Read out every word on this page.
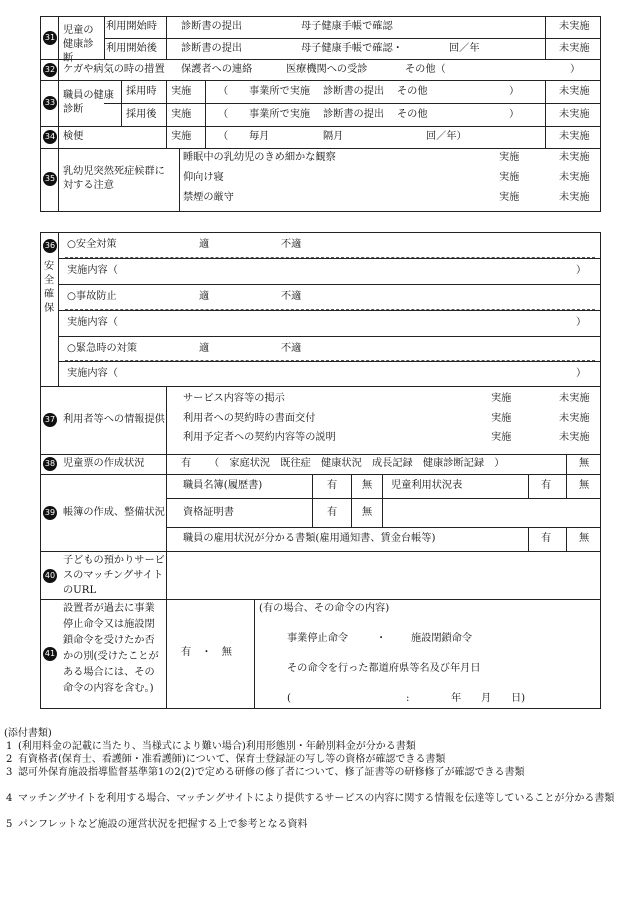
31
児童の健康診断
利用開始時 診断書の提出	母子健康手帳で確認	未実施
利用開始後 診断書の提出	母子健康手帳で確認・	回／年	未実施
32 ケガや病気の時の措置 保護者への連絡	医療機関への受診	その他（	）
33
職員の健康診断
採用時 実施	（ 事業所で実施 診断書の提出 その他	）	未実施
採用後 実施	（ 事業所で実施 診断書の提出 その他	）	未実施
34 検便	実施	（ 毎月	隔月	回／年）	未実施
35
乳幼児突然死症候群に対する注意
睡眠中の乳幼児のきめ細かな観察	実施	未実施
仰向け寝	実施	未実施
禁煙の厳守	実施	未実施
36
安
全
確
保
○安全対策	適	不適
実施内容（	）
○事故防止	適	不適
実施内容（	）
○緊急時の対策	適	不適
実施内容（	）
37 利用者等への情報提供
サービス内容等の掲示	実施	未実施
利用者への契約時の書面交付	実施	未実施
利用予定者への契約内容等の説明	実施	未実施
38 児童票の作成状況	有 （　家庭状況　既往症　健康状況　成長記録　健康診断記録　）	無
39 帳簿の作成、整備状況
職員名簿(履歴書)	有 無 児童利用状況表	有	無
資格証明書	有 無
職員の雇用状況が分かる書類(雇用通知書、賃金台帳等)	有	無
40
子どもの預かりサービスのマッチングサイトのURL
41
設置者が過去に事業停止命令又は施設閉鎖命令を受けたか否かの別(受けたことがある場合には、その命令の内容を含む。)
有　・　無
(有の場合、その命令の内容)
事業停止命令	・ 施設閉鎖命令
その命令を行った都道府県等名及び年月日
(	:	年 月 日)
(添付書類)
1 (利用料金の記載に当たり、当様式により難い場合)利用形態別・年齢別料金が分かる書類
2 有資格者(保育士、看護師・准看護師)について、保育士登録証の写し等の資格が確認できる書類
3 認可外保育施設指導監督基準第1の2(2)で定める研修の修了者について、修了証書等の研修修了が確認できる書類
4 マッチングサイトを利用する場合、マッチングサイトにより提供するサービスの内容に関する情報を伝達等していることが分かる書類
5 パンフレットなど施設の運営状況を把握する上で参考となる資料
